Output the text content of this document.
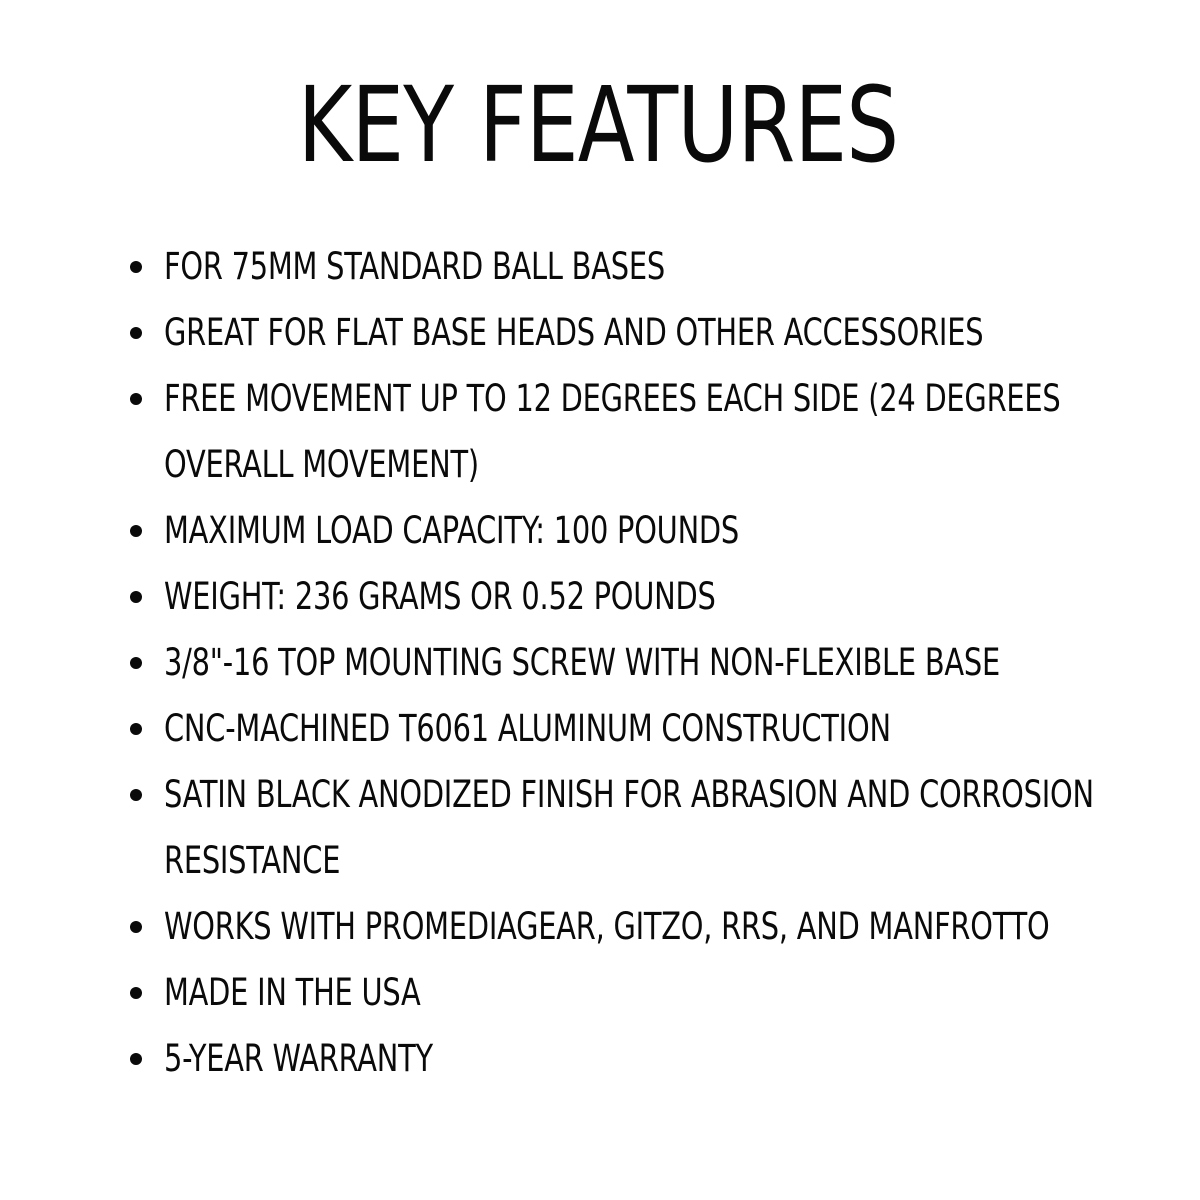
KEY FEATURES
FOR 75MM STANDARD BALL BASES
GREAT FOR FLAT BASE HEADS AND OTHER ACCESSORIES
FREE MOVEMENT UP TO 12 DEGREES EACH SIDE (24 DEGREES OVERALL MOVEMENT)
MAXIMUM LOAD CAPACITY: 100 POUNDS
WEIGHT: 236 GRAMS OR 0.52 POUNDS
3/8"-16 TOP MOUNTING SCREW WITH NON-FLEXIBLE BASE
CNC-MACHINED T6061 ALUMINUM CONSTRUCTION
SATIN BLACK ANODIZED FINISH FOR ABRASION AND CORROSION RESISTANCE
WORKS WITH PROMEDIAGEAR, GITZO, RRS, AND MANFROTTO
MADE IN THE USA
5-YEAR WARRANTY
